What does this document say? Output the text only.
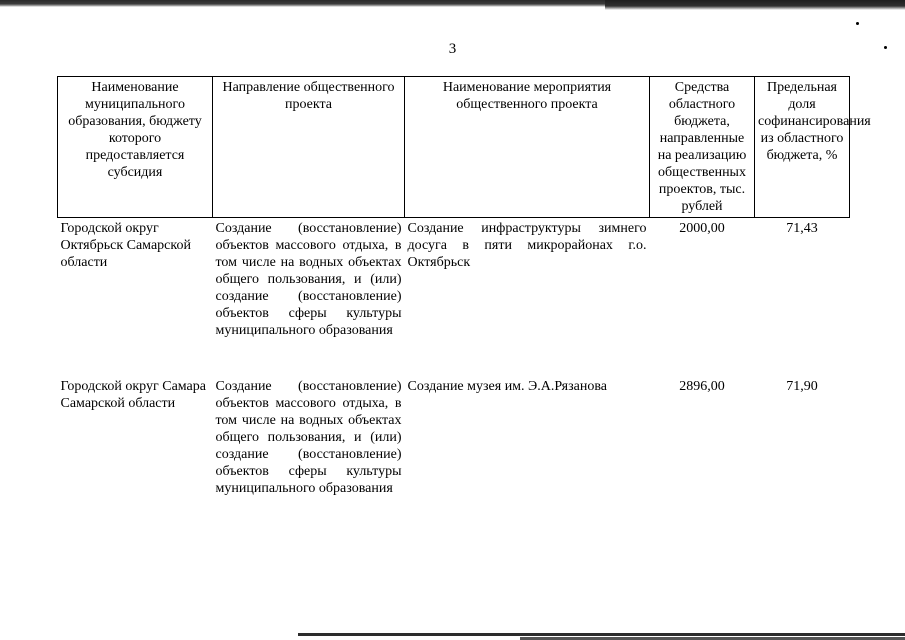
3
Наименование муниципального образования, бюджету которого предоставляется субсидия	Направление общественного проекта	Наименование мероприятия общественного проекта	Средства областного бюджета, направленные на реализацию общественных проектов, тыс. рублей	Предельная доля софинансирования из областного бюджета, %
Городской округ Октябрьск Самарской области	Создание (восстановление) объектов массового отдыха, в том числе на водных объектах общего пользования, и (или) создание (восстановление) объектов сферы культуры муниципального образования	Создание инфраструктуры зимнего досуга в пяти микрорайонах г.о. Октябрьск	2000,00	71,43
Городской округ Самара Самарской области	Создание (восстановление) объектов массового отдыха, в том числе на водных объектах общего пользования, и (или) создание (восстановление) объектов сферы культуры муниципального образования	Создание музея им. Э.А.Рязанова	2896,00	71,90
